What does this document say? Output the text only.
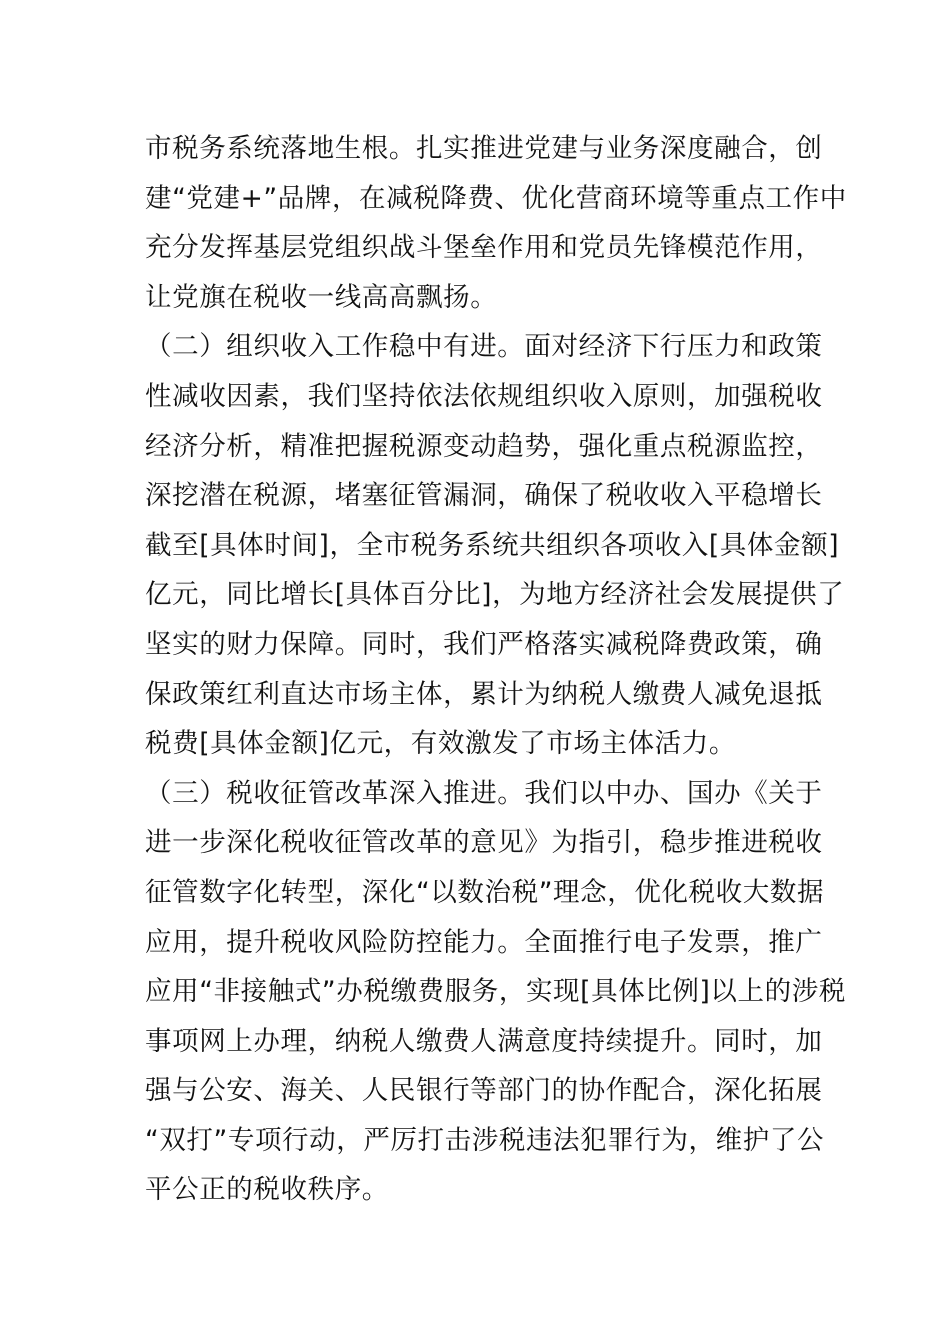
市税务系统落地生根。扎实推进党建与业务深度融合，创
建“党建+”品牌，在减税降费、优化营商环境等重点工作中
充分发挥基层党组织战斗堡垒作用和党员先锋模范作用，
让党旗在税收一线高高飘扬。
（二）组织收入工作稳中有进。面对经济下行压力和政策
性减收因素，我们坚持依法依规组织收入原则，加强税收
经济分析，精准把握税源变动趋势，强化重点税源监控，
深挖潜在税源，堵塞征管漏洞，确保了税收收入平稳增长
截至[具体时间]，全市税务系统共组织各项收入[具体金额]
亿元，同比增长[具体百分比]，为地方经济社会发展提供了
坚实的财力保障。同时，我们严格落实减税降费政策，确
保政策红利直达市场主体，累计为纳税人缴费人减免退抵
税费[具体金额]亿元，有效激发了市场主体活力。
（三）税收征管改革深入推进。我们以中办、国办《关于
进一步深化税收征管改革的意见》为指引，稳步推进税收
征管数字化转型，深化“以数治税”理念，优化税收大数据
应用，提升税收风险防控能力。全面推行电子发票，推广
应用“非接触式”办税缴费服务，实现[具体比例]以上的涉税
事项网上办理，纳税人缴费人满意度持续提升。同时，加
强与公安、海关、人民银行等部门的协作配合，深化拓展
“双打”专项行动，严厉打击涉税违法犯罪行为，维护了公
平公正的税收秩序。
